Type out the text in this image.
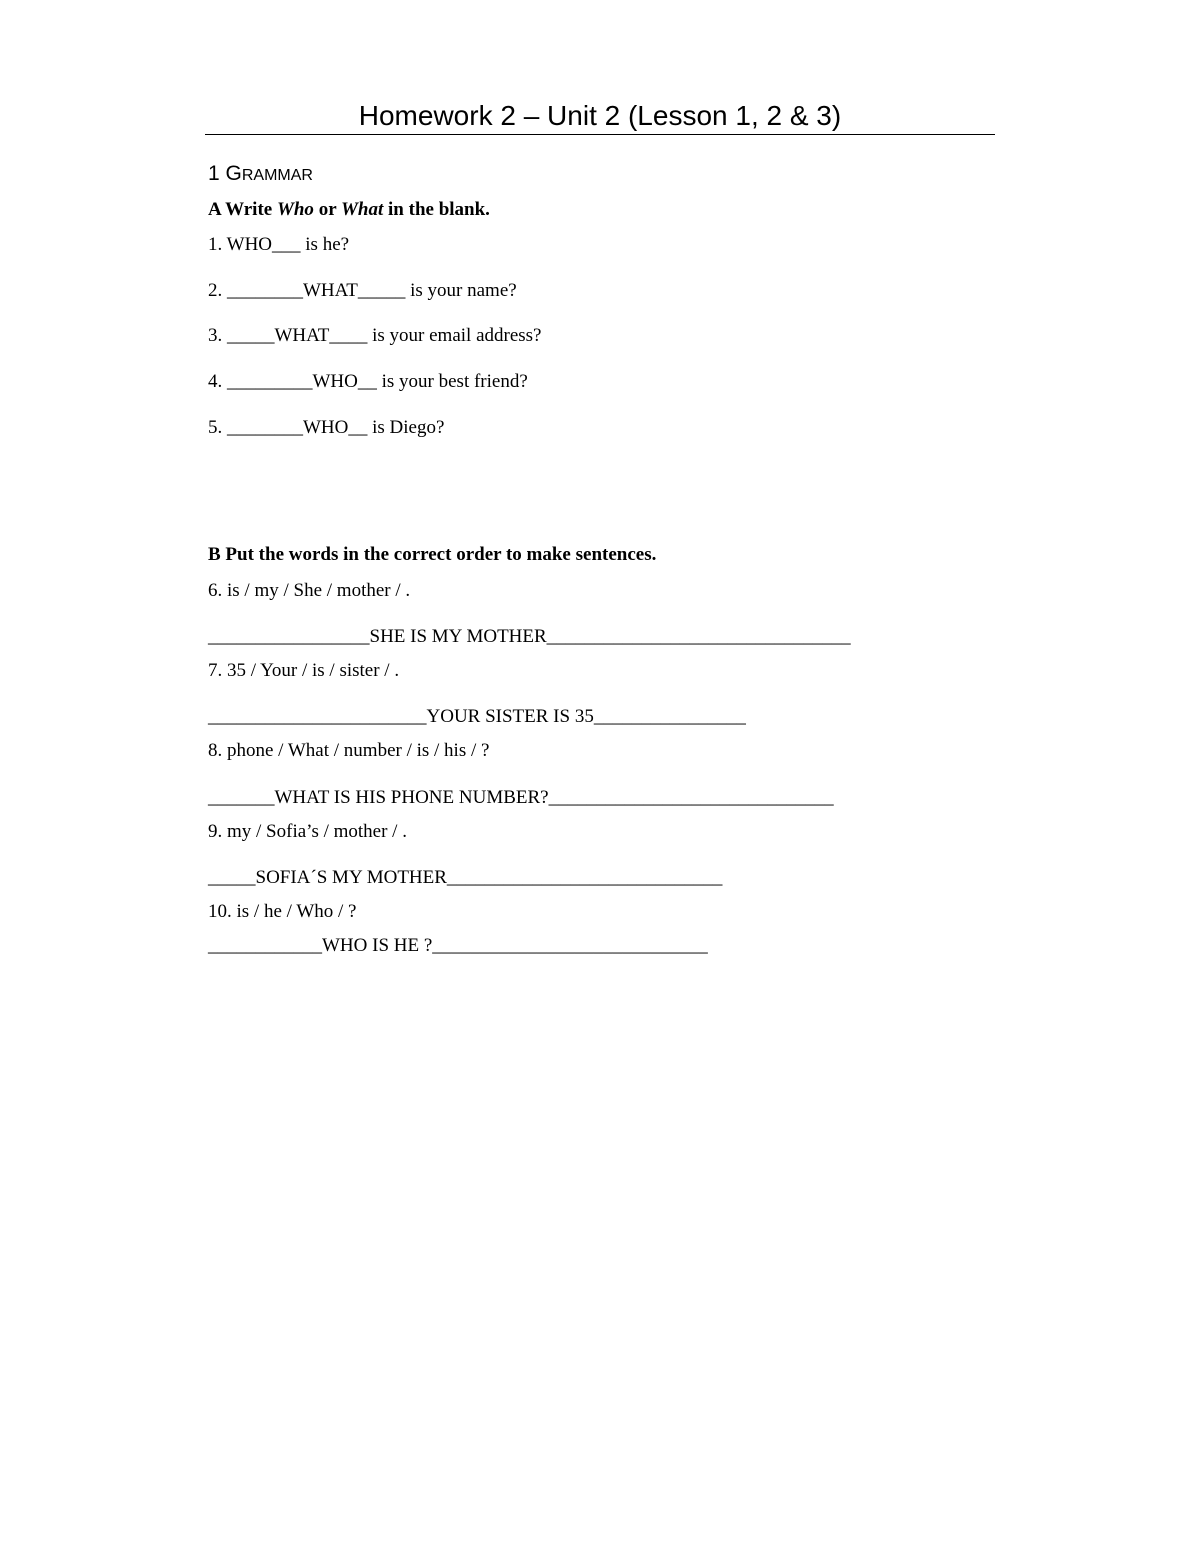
Homework 2 – Unit 2 (Lesson 1, 2 & 3)
1 GRAMMAR
A Write Who or What in the blank.
1. WHO___ is he?
2. ________WHAT_____ is your name?
3. _____WHAT____ is your email address?
4. _________WHO__ is your best friend?
5. ________WHO__ is Diego?
B Put the words in the correct order to make sentences.
6. is / my / She / mother / .
_________________SHE IS MY MOTHER________________________________
7. 35 / Your / is / sister / .
_______________________YOUR SISTER IS 35________________
8. phone / What / number / is / his / ?
_______WHAT IS HIS PHONE NUMBER?______________________________
9. my / Sofia’s / mother / .
_____SOFIA´S MY MOTHER_____________________________
10. is / he / Who / ?
____________WHO IS HE ?_____________________________
